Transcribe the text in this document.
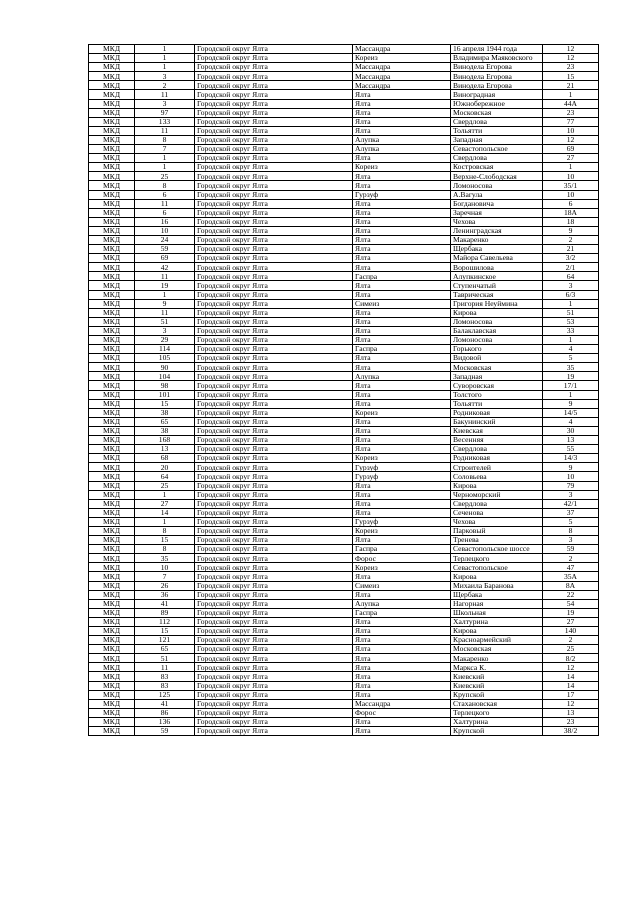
МКД	1	Городской округ Ялта	Массандра	16 апреля 1944 года	12
МКД	1	Городской округ Ялта	Кореиз	Владимира Маяковского	12
МКД	1	Городской округ Ялта	Массандра	Винодела Егорова	23
МКД	3	Городской округ Ялта	Массандра	Винодела Егорова	15
МКД	2	Городской округ Ялта	Массандра	Винодела Егорова	21
МКД	11	Городской округ Ялта	Ялта	Виноградная	1
МКД	3	Городской округ Ялта	Ялта	Южнобережное	44А
МКД	97	Городской округ Ялта	Ялта	Московская	23
МКД	133	Городской округ Ялта	Ялта	Свердлова	77
МКД	11	Городской округ Ялта	Ялта	Тольятти	10
МКД	8	Городской округ Ялта	Алупка	Западная	12
МКД	7	Городской округ Ялта	Алупка	Севастопольское	69
МКД	1	Городской округ Ялта	Ялта	Свердлова	27
МКД	1	Городской округ Ялта	Кореиз	Костровская	1
МКД	25	Городской округ Ялта	Ялта	Верхне-Слободская	10
МКД	8	Городской округ Ялта	Ялта	Ломоносова	35/1
МКД	6	Городской округ Ялта	Гурзуф	А.Вагула	10
МКД	11	Городской округ Ялта	Ялта	Богдановича	6
МКД	6	Городской округ Ялта	Ялта	Заречная	18А
МКД	16	Городской округ Ялта	Ялта	Чехова	18
МКД	10	Городской округ Ялта	Ялта	Ленинградская	9
МКД	24	Городской округ Ялта	Ялта	Макаренко	2
МКД	59	Городской округ Ялта	Ялта	Щербака	21
МКД	69	Городской округ Ялта	Ялта	Майора Савельева	3/2
МКД	42	Городской округ Ялта	Ялта	Ворошилова	2/1
МКД	11	Городской округ Ялта	Гаспра	Алупкинское	64
МКД	19	Городской округ Ялта	Ялта	Ступенчатый	3
МКД	1	Городской округ Ялта	Ялта	Таврическая	6/3
МКД	9	Городской округ Ялта	Симеиз	Григория Неуймина	1
МКД	11	Городской округ Ялта	Ялта	Кирова	51
МКД	51	Городской округ Ялта	Ялта	Ломоносова	53
МКД	3	Городской округ Ялта	Ялта	Балаклавская	33
МКД	29	Городской округ Ялта	Ялта	Ломоносова	1
МКД	114	Городской округ Ялта	Гаспра	Горького	4
МКД	105	Городской округ Ялта	Ялта	Видовой	5
МКД	90	Городской округ Ялта	Ялта	Московская	35
МКД	104	Городской округ Ялта	Алупка	Западная	19
МКД	98	Городской округ Ялта	Ялта	Суворовская	17/1
МКД	101	Городской округ Ялта	Ялта	Толстого	1
МКД	15	Городской округ Ялта	Ялта	Тольятти	9
МКД	38	Городской округ Ялта	Кореиз	Родниковая	14/5
МКД	65	Городской округ Ялта	Ялта	Бакунинский	4
МКД	38	Городской округ Ялта	Ялта	Киевская	30
МКД	168	Городской округ Ялта	Ялта	Весенняя	13
МКД	13	Городской округ Ялта	Ялта	Свердлова	55
МКД	68	Городской округ Ялта	Кореиз	Родниковая	14/3
МКД	20	Городской округ Ялта	Гурзуф	Строителей	9
МКД	64	Городской округ Ялта	Гурзуф	Соловьева	10
МКД	25	Городской округ Ялта	Ялта	Кирова	79
МКД	1	Городской округ Ялта	Ялта	Черноморский	3
МКД	27	Городской округ Ялта	Ялта	Свердлова	42/1
МКД	14	Городской округ Ялта	Ялта	Сеченова	37
МКД	1	Городской округ Ялта	Гурзуф	Чехова	5
МКД	8	Городской округ Ялта	Кореиз	Парковый	8
МКД	15	Городской округ Ялта	Ялта	Тренева	3
МКД	8	Городской округ Ялта	Гаспра	Севастопольское шоссе	59
МКД	35	Городской округ Ялта	Форос	Терлецкого	2
МКД	10	Городской округ Ялта	Кореиз	Севастопольское	47
МКД	7	Городской округ Ялта	Ялта	Кирова	35А
МКД	26	Городской округ Ялта	Симеиз	Михаила Баранова	8А
МКД	36	Городской округ Ялта	Ялта	Щербака	22
МКД	41	Городской округ Ялта	Алупка	Нагорная	54
МКД	89	Городской округ Ялта	Гаспра	Школьная	19
МКД	112	Городской округ Ялта	Ялта	Халтурина	27
МКД	15	Городской округ Ялта	Ялта	Кирова	140
МКД	121	Городской округ Ялта	Ялта	Красноармейский	2
МКД	65	Городской округ Ялта	Ялта	Московская	25
МКД	51	Городской округ Ялта	Ялта	Макаренко	8/2
МКД	11	Городской округ Ялта	Ялта	Маркса К.	12
МКД	83	Городской округ Ялта	Ялта	Киевский	14
МКД	83	Городской округ Ялта	Ялта	Киевский	14
МКД	125	Городской округ Ялта	Ялта	Крупской	17
МКД	41	Городской округ Ялта	Массандра	Стахановская	12
МКД	86	Городской округ Ялта	Форос	Терлецкого	13
МКД	136	Городской округ Ялта	Ялта	Халтурина	23
МКД	59	Городской округ Ялта	Ялта	Крупской	38/2
